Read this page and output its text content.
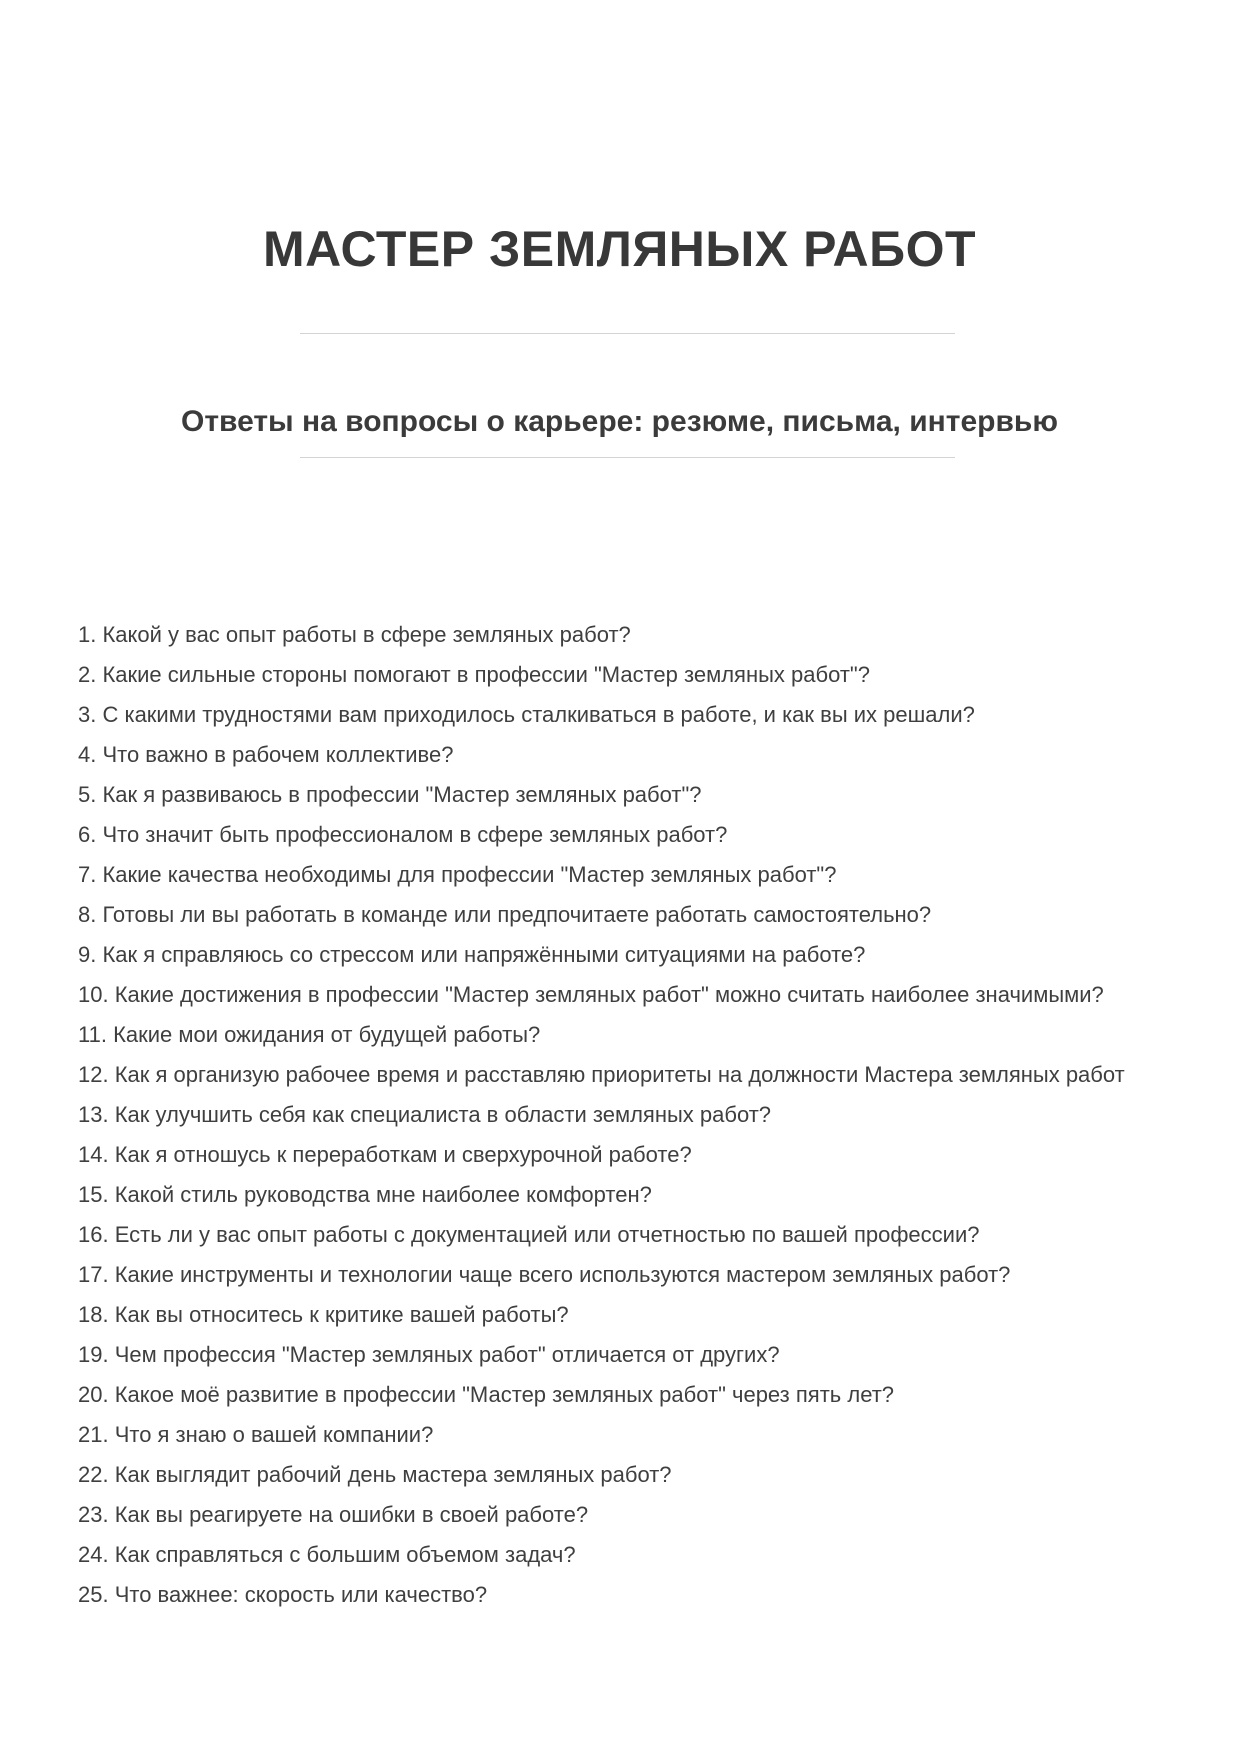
МАСТЕР ЗЕМЛЯНЫХ РАБОТ
Ответы на вопросы о карьере: резюме, письма, интервью

1. Какой у вас опыт работы в сфере земляных работ?

2. Какие сильные стороны помогают в профессии "Мастер земляных работ"?

3. С какими трудностями вам приходилось сталкиваться в работе, и как вы их решали?

4. Что важно в рабочем коллективе?

5. Как я развиваюсь в профессии "Мастер земляных работ"?

6. Что значит быть профессионалом в сфере земляных работ?

7. Какие качества необходимы для профессии "Мастер земляных работ"?

8. Готовы ли вы работать в команде или предпочитаете работать самостоятельно?

9. Как я справляюсь со стрессом или напряжёнными ситуациями на работе?

10. Какие достижения в профессии "Мастер земляных работ" можно считать наиболее значимыми?

11. Какие мои ожидания от будущей работы?

12. Как я организую рабочее время и расставляю приоритеты на должности Мастера земляных работ

13. Как улучшить себя как специалиста в области земляных работ?

14. Как я отношусь к переработкам и сверхурочной работе?

15. Какой стиль руководства мне наиболее комфортен?

16. Есть ли у вас опыт работы с документацией или отчетностью по вашей профессии?

17. Какие инструменты и технологии чаще всего используются мастером земляных работ?

18. Как вы относитесь к критике вашей работы?

19. Чем профессия "Мастер земляных работ" отличается от других?

20. Какое моё развитие в профессии "Мастер земляных работ" через пять лет?

21. Что я знаю о вашей компании?

22. Как выглядит рабочий день мастера земляных работ?

23. Как вы реагируете на ошибки в своей работе?

24. Как справляться с большим объемом задач?

25. Что важнее: скорость или качество?
